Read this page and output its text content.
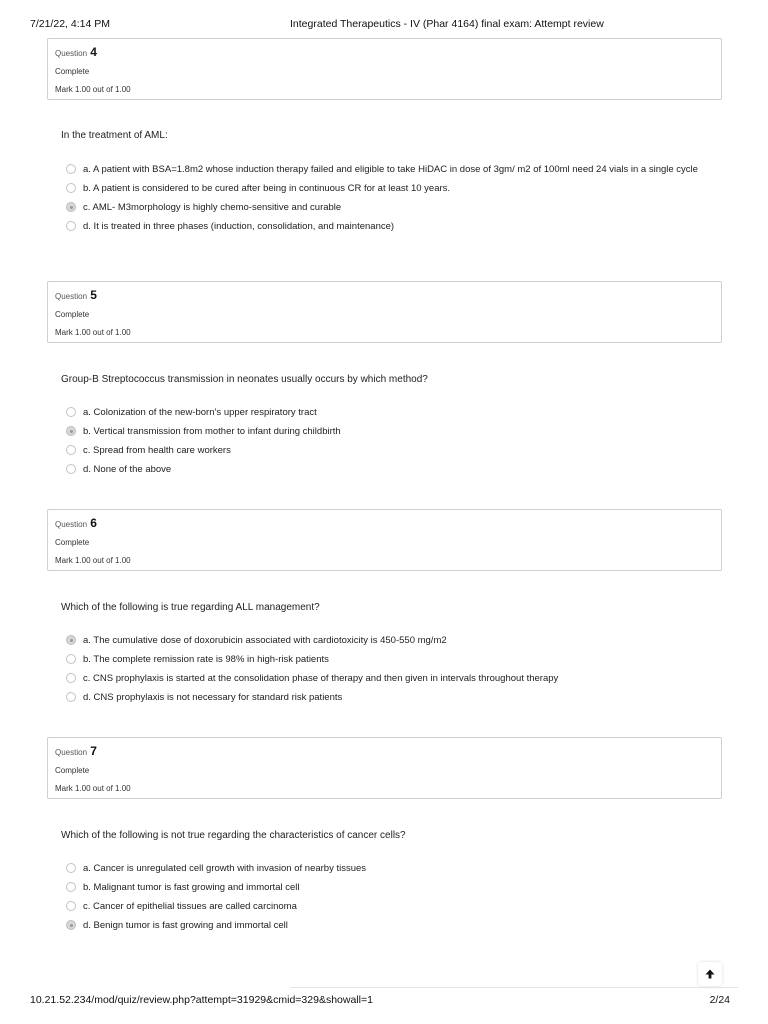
7/21/22, 4:14 PM	Integrated Therapeutics - IV (Phar 4164) final exam: Attempt review
Question 4
Complete
Mark 1.00 out of 1.00
In the treatment of AML:
a. A patient with BSA=1.8m2 whose induction therapy failed and eligible to take HiDAC in dose of 3gm/ m2 of 100ml need 24 vials in a single cycle
b. A patient is considered to be cured after being in continuous CR for at least 10 years.
c. AML- M3morphology is highly chemo-sensitive and curable
d. It is treated in three phases (induction, consolidation, and maintenance)
Question 5
Complete
Mark 1.00 out of 1.00
Group-B Streptococcus transmission in neonates usually occurs by which method?
a. Colonization of the new-born’s upper respiratory tract
b. Vertical transmission from mother to infant during childbirth
c. Spread from health care workers
d. None of the above
Question 6
Complete
Mark 1.00 out of 1.00
Which of the following is true regarding ALL management?
a. The cumulative dose of doxorubicin associated with cardiotoxicity is 450-550 mg/m2
b. The complete remission rate is 98% in high-risk patients
c. CNS prophylaxis is started at the consolidation phase of therapy and then given in intervals throughout therapy
d. CNS prophylaxis is not necessary for standard risk patients
Question 7
Complete
Mark 1.00 out of 1.00
Which of the following is not true regarding the characteristics of cancer cells?
a. Cancer is unregulated cell growth with invasion of nearby tissues
b. Malignant tumor is fast growing and immortal cell
c. Cancer of epithelial tissues are called carcinoma
d. Benign tumor is fast growing and immortal cell
10.21.52.234/mod/quiz/review.php?attempt=31929&cmid=329&showall=1	2/24
